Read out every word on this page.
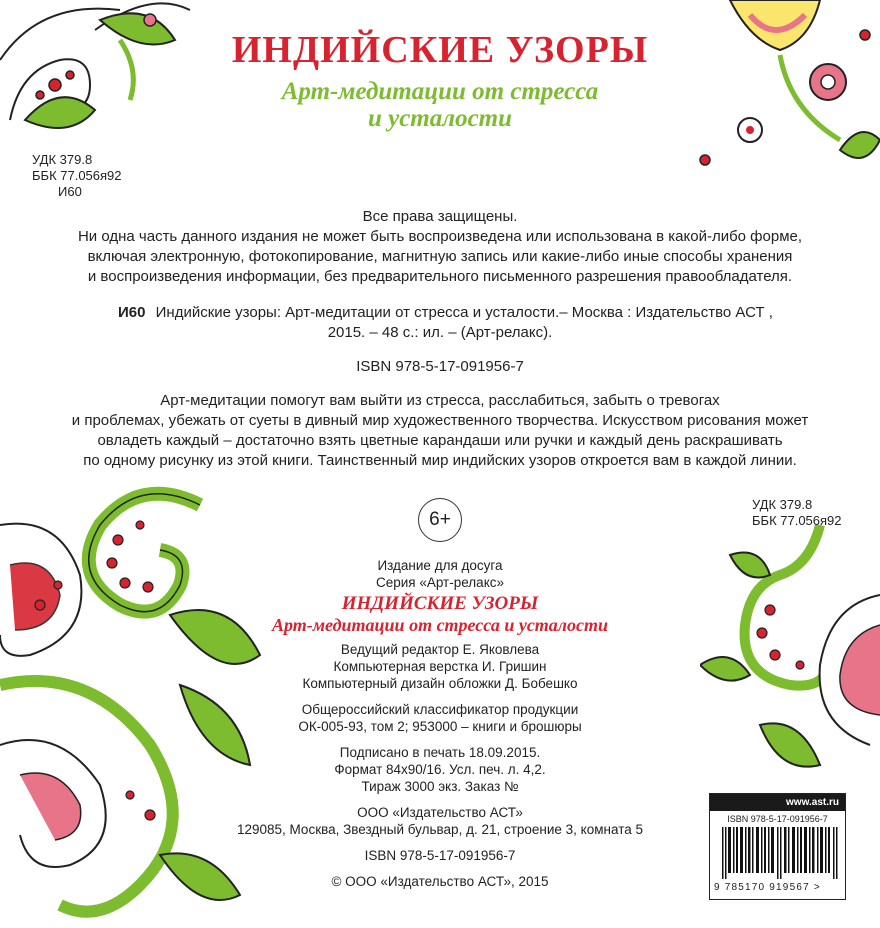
ИНДИЙСКИЕ УЗОРЫ
Арт-медитации от стресса
и усталости
УДК 379.8
ББК 77.056я92
И60
Все права защищены.
Ни одна часть данного издания не может быть воспроизведена или использована в какой-либо форме,
включая электронную, фотокопирование, магнитную запись или какие-либо иные способы хранения
и воспроизведения информации, без предварительного письменного разрешения правообладателя.
И60 Индийские узоры: Арт-медитации от стресса и усталости.– Москва : Издательство АСТ ,
2015. – 48 с.: ил. – (Арт-релакс).
ISBN 978-5-17-091956-7
Арт-медитации помогут вам выйти из стресса, расслабиться, забыть о тревогах
и проблемах, убежать от суеты в дивный мир художественного творчества. Искусством рисования может
овладеть каждый – достаточно взять цветные карандаши или ручки и каждый день раскрашивать
по одному рисунку из этой книги. Таинственный мир индийских узоров откроется вам в каждой линии.
6+
УДК 379.8
ББК 77.056я92
Издание для досуга
Серия «Арт-релакс»
ИНДИЙСКИЕ УЗОРЫ
Арт-медитации от стресса и усталости
Ведущий редактор Е. Яковлева
Компьютерная верстка И. Гришин
Компьютерный дизайн обложки Д. Бобешко
Общероссийский классификатор продукции
ОК-005-93, том 2; 953000 – книги и брошюры
Подписано в печать 18.09.2015.
Формат 84х90/16. Усл. печ. л. 4,2.
Тираж 3000 экз. Заказ №
ООО «Издательство АСТ»
129085, Москва, Звездный бульвар, д. 21, строение 3, комната 5
ISBN 978-5-17-091956-7
© ООО «Издательство АСТ», 2015
www.ast.ru
ISBN 978-5-17-091956-7
9 785170 919567 >
